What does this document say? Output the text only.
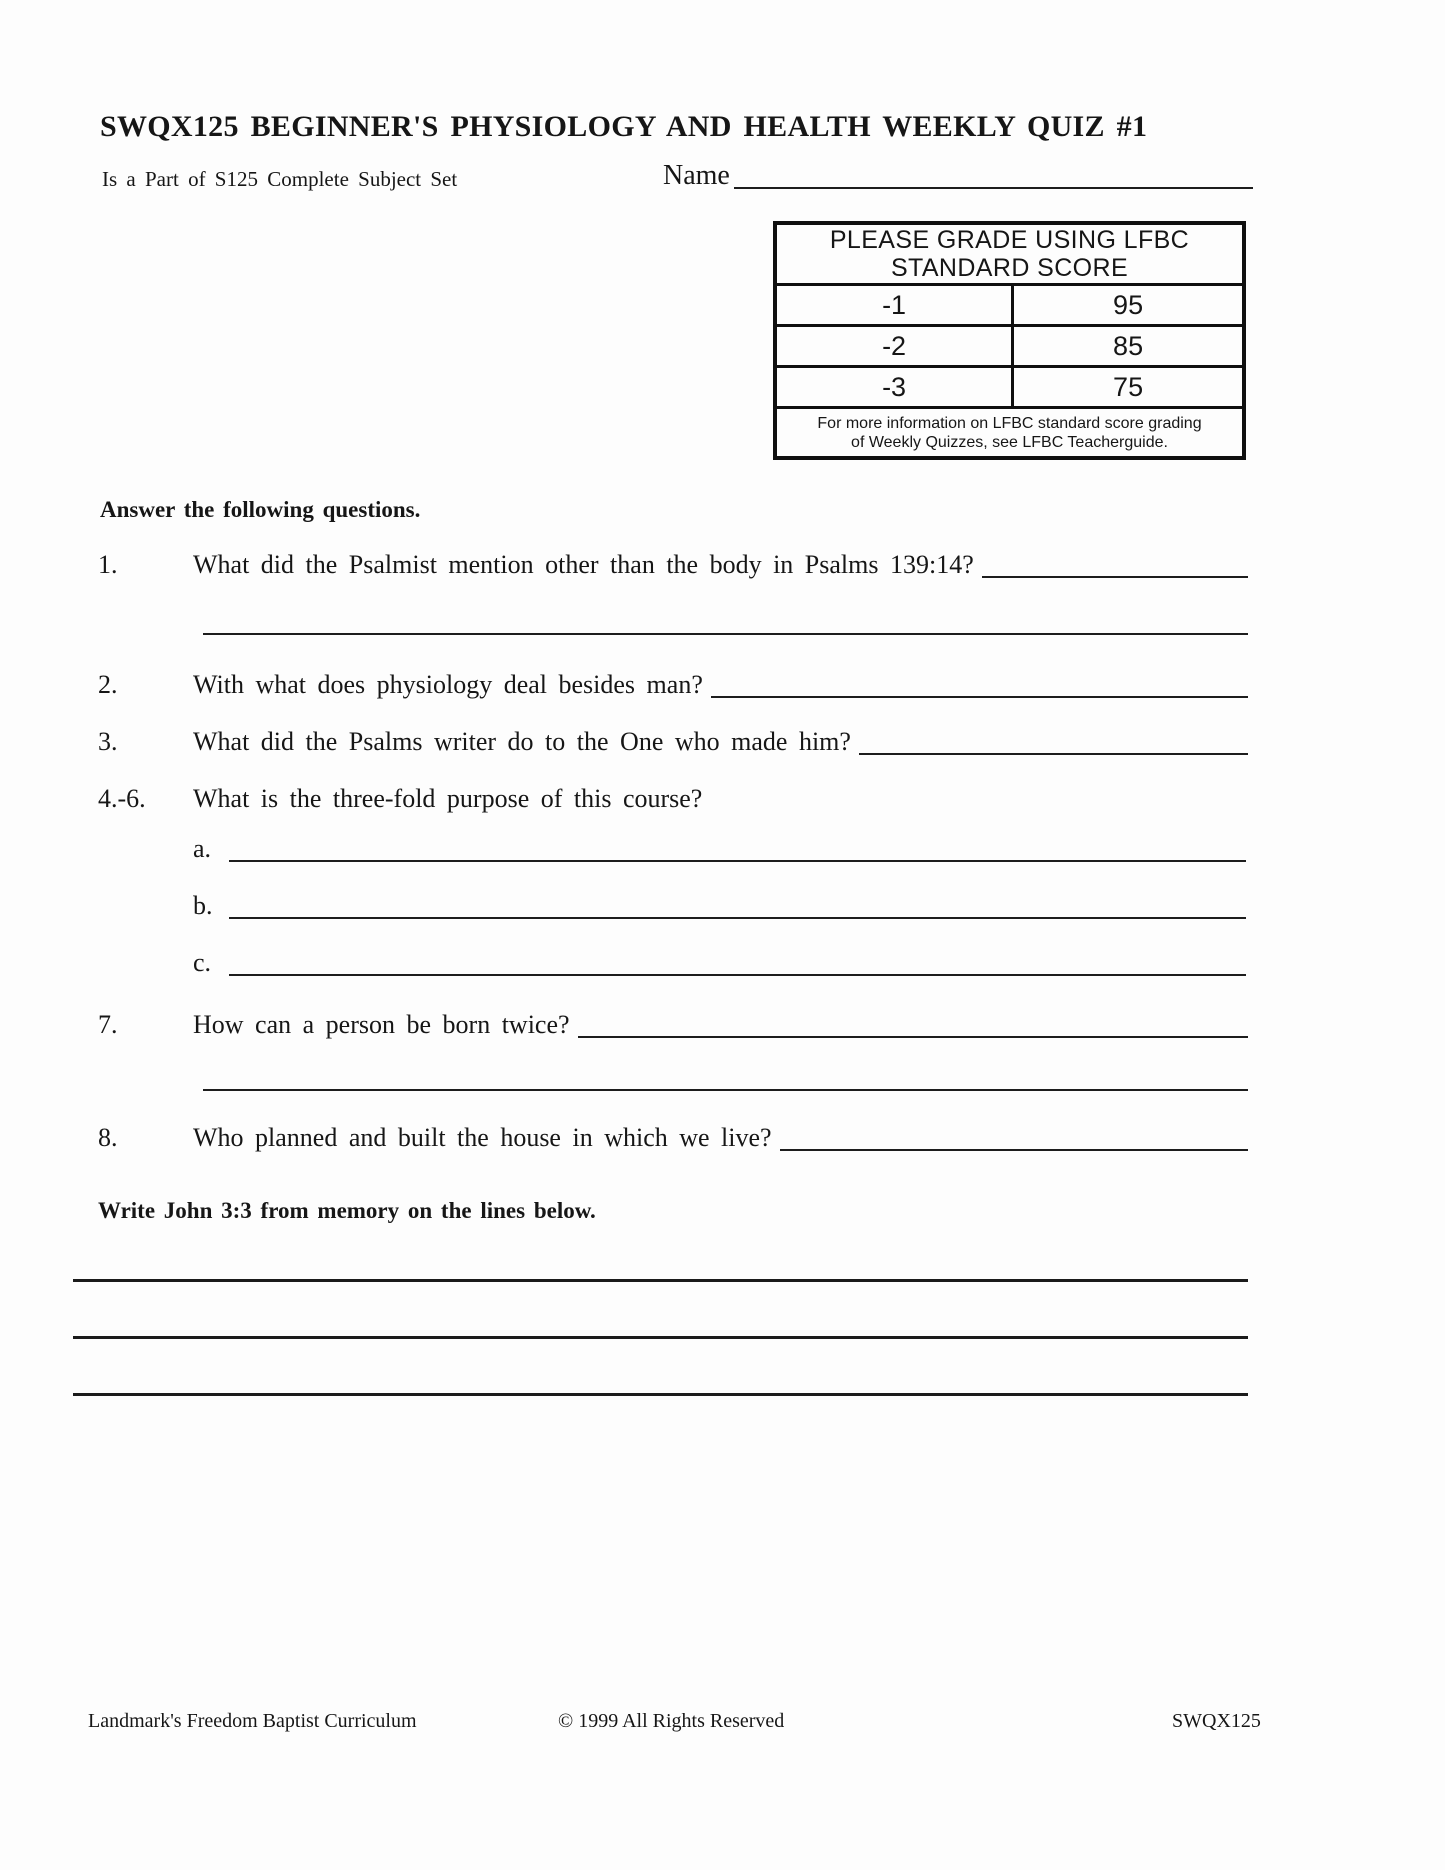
SWQX125 BEGINNER'S PHYSIOLOGY AND HEALTH WEEKLY QUIZ #1
Is a Part of S125 Complete Subject Set	Name
PLEASE GRADE USING LFBC
STANDARD SCORE
-1	95
-2	85
-3	75
For more information on LFBC standard score grading
of Weekly Quizzes, see LFBC Teacherguide.
Answer the following questions.
1.	What did the Psalmist mention other than the body in Psalms 139:14?
2.	With what does physiology deal besides man?
3.	What did the Psalms writer do to the One who made him?
4.-6.	What is the three-fold purpose of this course?
a.
b.
c.
7.	How can a person be born twice?
8.	Who planned and built the house in which we live?
Write John 3:3 from memory on the lines below.
Landmark's Freedom Baptist Curriculum	© 1999 All Rights Reserved	SWQX125
